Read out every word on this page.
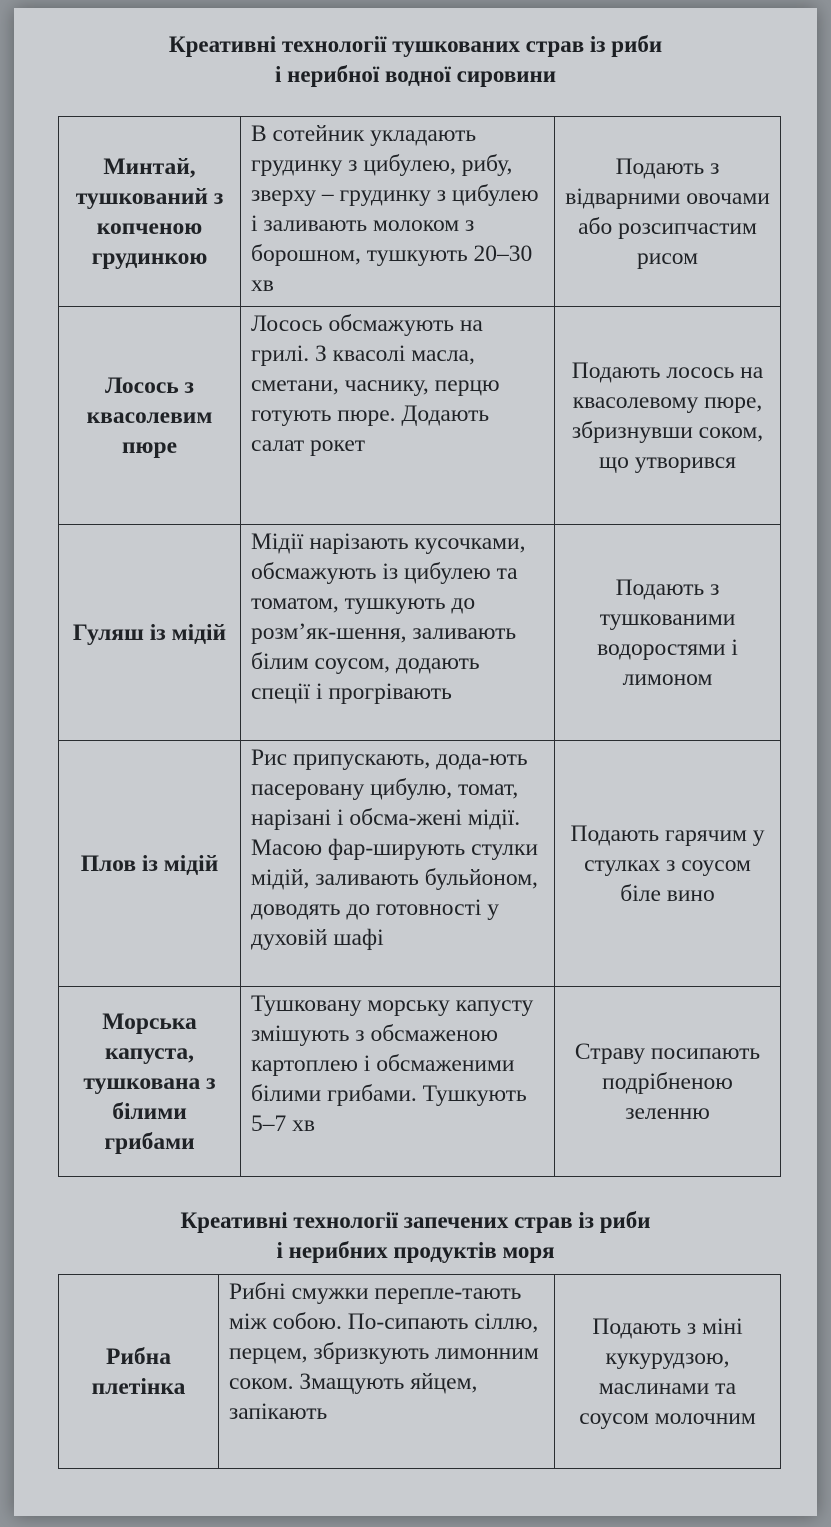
Креативні технології тушкованих страв із риби
і нерибної водної сировини
Минтай, тушкований з копченою грудинкою	В сотейник укладають грудинку з цибулею, рибу, зверху – грудинку з цибулею і заливають молоком з борошном, тушкують 20–30 хв	Подають з відварними овочами або розсипчастим рисом
Лосось з квасолевим пюре	Лосось обсмажують на грилі. З квасолі масла, сметани, часнику, перцю готують пюре. Додають салат рокет	Подають лосось на квасолевому пюре, збризнувши соком, що утворився
Гуляш із мідій	Мідії нарізають кусочками, обсмажують із цибулею та томатом, тушкують до розм’як-шення, заливають білим соусом, додають спеції і прогрівають	Подають з тушкованими водоростями і лимоном
Плов із мідій	Рис припускають, дода-ють пасеровану цибулю, томат, нарізані і обсма-жені мідії. Масою фар-ширують стулки мідій, заливають бульйоном, доводять до готовності у духовій шафі	Подають гарячим у стулках з соусом біле вино
Морська капуста, тушкована з білими грибами	Тушковану морську капусту змішують з обсмаженою картоплею і обсмаженими білими грибами. Тушкують 5–7 хв	Страву посипають подрібненою зеленню
Креативні технології запечених страв із риби
і нерибних продуктів моря
Рибна плетінка	Рибні смужки перепле-тають між собою. По-сипають сіллю, перцем, збризкують лимонним соком. Змащують яйцем, запікають	Подають з міні кукурудзою, маслинами та соусом молочним
